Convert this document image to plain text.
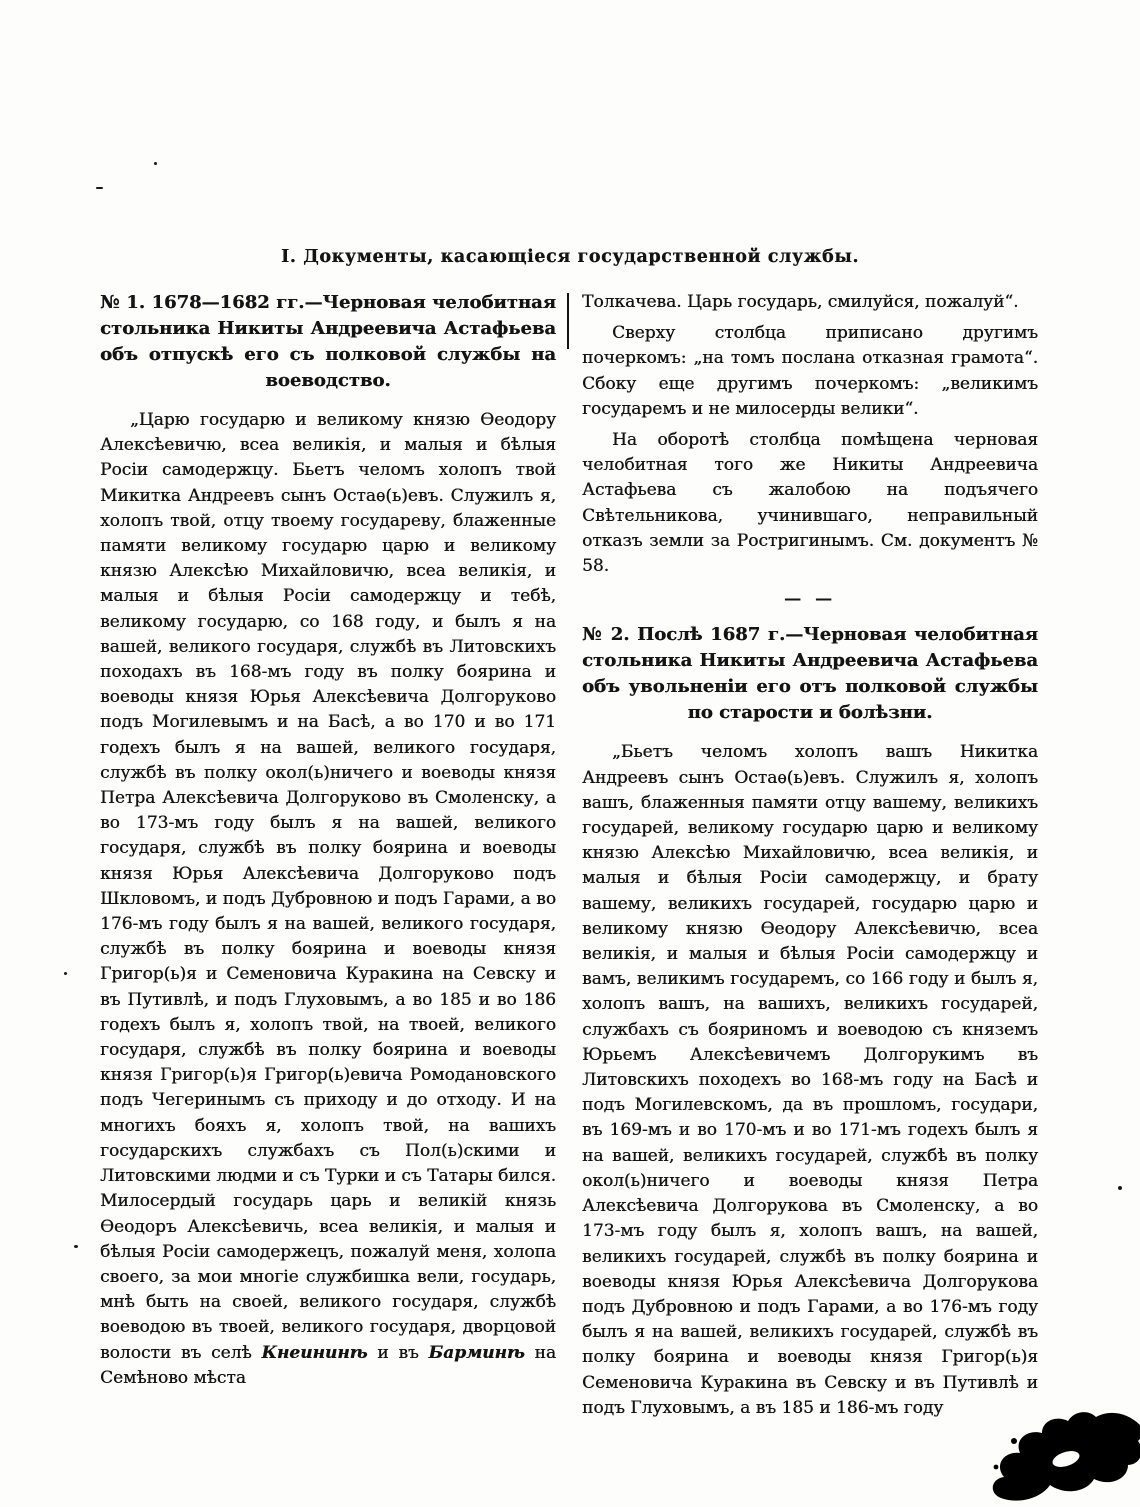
I. Документы, касающіеся государственной службы.

№ 1. 1678—1682 гг.—Черновая челобитная стольника Никиты Андреевича Астафьева объ отпускѣ его съ полковой службы на воеводство.

„Царю государю и великому князю Ѳеодору Алексѣевичю, всеа великія, и малыя и бѣлыя Росіи самодержцу. Бьетъ челомъ холопъ твой Микитка Андреевъ сынъ Остаѳ(ь)евъ. Служилъ я, холопъ твой, отцу твоему государеву, блаженные памяти великому государю царю и великому князю Алексѣю Михайловичю, всеа великія, и малыя и бѣлыя Росіи самодержцу и тебѣ, великому государю, со 168 году, и былъ я на вашей, великого государя, службѣ въ Литовскихъ походахъ въ 168-мъ году въ полку боярина и воеводы князя Юрья Алексѣевича Долгоруково подъ Могилевымъ и на Басѣ, а во 170 и во 171 годехъ былъ я на вашей, великого государя, службѣ въ полку окол(ь)ничего и воеводы князя Петра Алексѣевича Долгоруково въ Смоленску, а во 173-мъ году былъ я на вашей, великого государя, службѣ въ полку боярина и воеводы князя Юрья Алексѣевича Долгоруково подъ Шкловомъ, и подъ Дубровною и подъ Гарами, а во 176-мъ году былъ я на вашей, великого государя, службѣ въ полку боярина и воеводы князя Григор(ь)я и Семеновича Куракина на Севску и въ Путивлѣ, и подъ Глуховымъ, а во 185 и во 186 годехъ былъ я, холопъ твой, на твоей, великого государя, службѣ въ полку боярина и воеводы князя Григор(ь)я Григор(ь)евича Ромодановского подъ Чегеринымъ съ приходу и до отходу. И на многихъ бояхъ я, холопъ твой, на вашихъ государскихъ службахъ съ Пол(ь)скими и Литовскими людми и съ Турки и съ Татары бился. Милосердый государь царь и великій князь Ѳеодоръ Алексѣевичь, всеа великія, и малыя и бѣлыя Росіи самодержецъ, пожалуй меня, холопа своего, за мои многіе службишка вели, государь, мнѣ быть на своей, великого государя, службѣ воеводою въ твоей, великого государя, дворцовой волости въ селѣ Кнеининѣ и въ Барминѣ на Семѣново мѣста

Толкачева. Царь государь, смилуйся, пожалуй“.

Сверху столбца приписано другимъ почеркомъ: „на томъ послана отказная грамота“. Сбоку еще другимъ почеркомъ: „великимъ государемъ и не милосерды велики“.

На оборотѣ столбца помѣщена черновая челобитная того же Никиты Андреевича Астафьева съ жалобою на подъячего Свѣтельникова, учинившаго, неправильный отказъ земли за Ростригинымъ. См. документъ № 58.

— —

№ 2. Послѣ 1687 г.—Черновая челобитная стольника Никиты Андреевича Астафьева объ увольненіи его отъ полковой службы по старости и болѣзни.

„Бьетъ челомъ холопъ вашъ Никитка Андреевъ сынъ Остаѳ(ь)евъ. Служилъ я, холопъ вашъ, блаженныя памяти отцу вашему, великихъ государей, великому государю царю и великому князю Алексѣю Михайловичю, всеа великія, и малыя и бѣлыя Росіи самодержцу, и брату вашему, великихъ государей, государю царю и великому князю Ѳеодору Алексѣевичю, всеа великія, и малыя и бѣлыя Росіи самодержцу и вамъ, великимъ государемъ, со 166 году и былъ я, холопъ вашъ, на вашихъ, великихъ государей, службахъ съ бояриномъ и воеводою съ княземъ Юрьемъ Алексѣевичемъ Долгорукимъ въ Литовскихъ походехъ во 168-мъ году на Басѣ и подъ Могилевскомъ, да въ прошломъ, государи, въ 169-мъ и во 170-мъ и во 171-мъ годехъ былъ я на вашей, великихъ государей, службѣ въ полку окол(ь)ничего и воеводы князя Петра Алексѣевича Долгорукова въ Смоленску, а во 173-мъ году былъ я, холопъ вашъ, на вашей, великихъ государей, службѣ въ полку боярина и воеводы князя Юрья Алексѣевича Долгорукова подъ Дубровною и подъ Гарами, а во 176-мъ году былъ я на вашей, великихъ государей, службѣ въ полку боярина и воеводы князя Григор(ь)я Семеновича Куракина въ Севску и въ Путивлѣ и подъ Глуховымъ, а въ 185 и 186-мъ году
